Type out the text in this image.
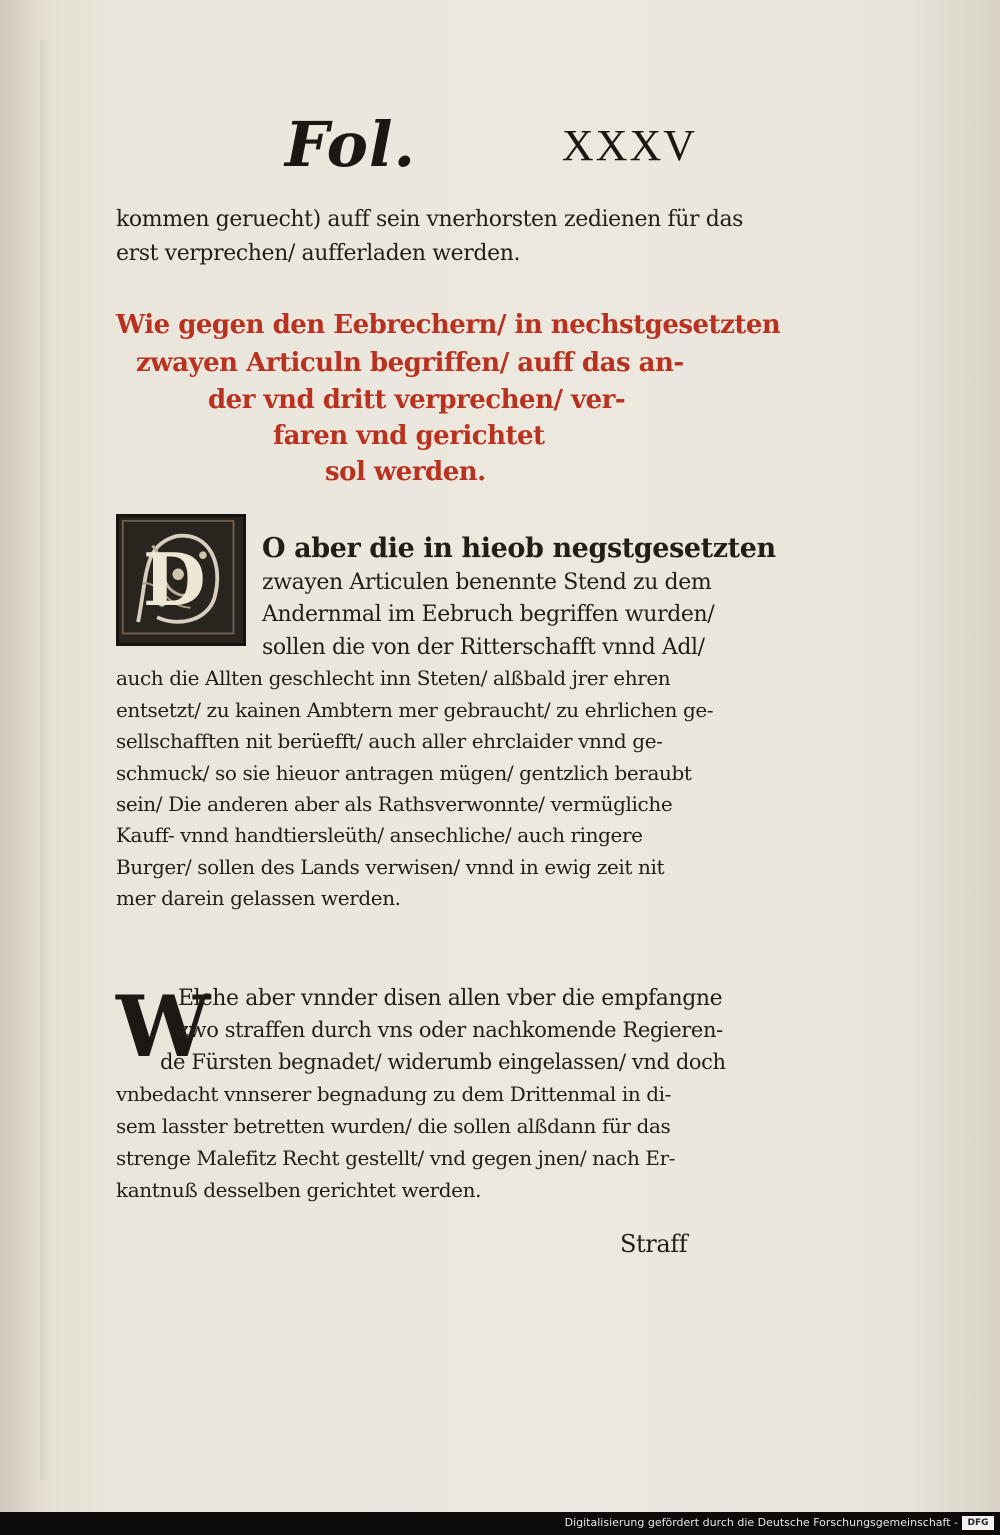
Fol.	XXXV
kommen geruecht) auff sein vnerhorsten zedienen für das
erst verprechen/ aufferladen werden.
Wie gegen den Eebrechern/ in nechstgesetzten
zwayen Articuln begriffen/ auff das an-
der vnd dritt verprechen/ ver-
faren vnd gerichtet
sol werden.
D O aber die in hieob negstgesetzten
zwayen Articulen benennte Stend zu dem
Andernmal im Eebruch begriffen wurden/
sollen die von der Ritterschafft vnnd Adl/
auch die Allten geschlecht inn Steten/ alßbald jrer ehren
entsetzt/ zu kainen Ambtern mer gebraucht/ zu ehrlichen ge-
sellschafften nit berüefft/ auch aller ehrclaider vnnd ge-
schmuck/ so sie hieuor antragen mügen/ gentzlich beraubt
sein/ Die anderen aber als Rathsverwonnte/ vermügliche
Kauff- vnnd handtiersleüth/ ansechliche/ auch ringere
Burger/ sollen des Lands verwisen/ vnnd in ewig zeit nit
mer darein gelassen werden.
W
Elche aber vnnder disen allen vber die empfangne
zwo straffen durch vns oder nachkomende Regieren-
de Fürsten begnadet/ widerumb eingelassen/ vnd doch
vnbedacht vnnserer begnadung zu dem Drittenmal in di-
sem lasster betretten wurden/ die sollen alßdann für das
strenge Malefitz Recht gestellt/ vnd gegen jnen/ nach Er-
kantnuß desselben gerichtet werden.
Straff
Digitalisierung gefördert durch die Deutsche Forschungsgemeinschaft -	DFG
